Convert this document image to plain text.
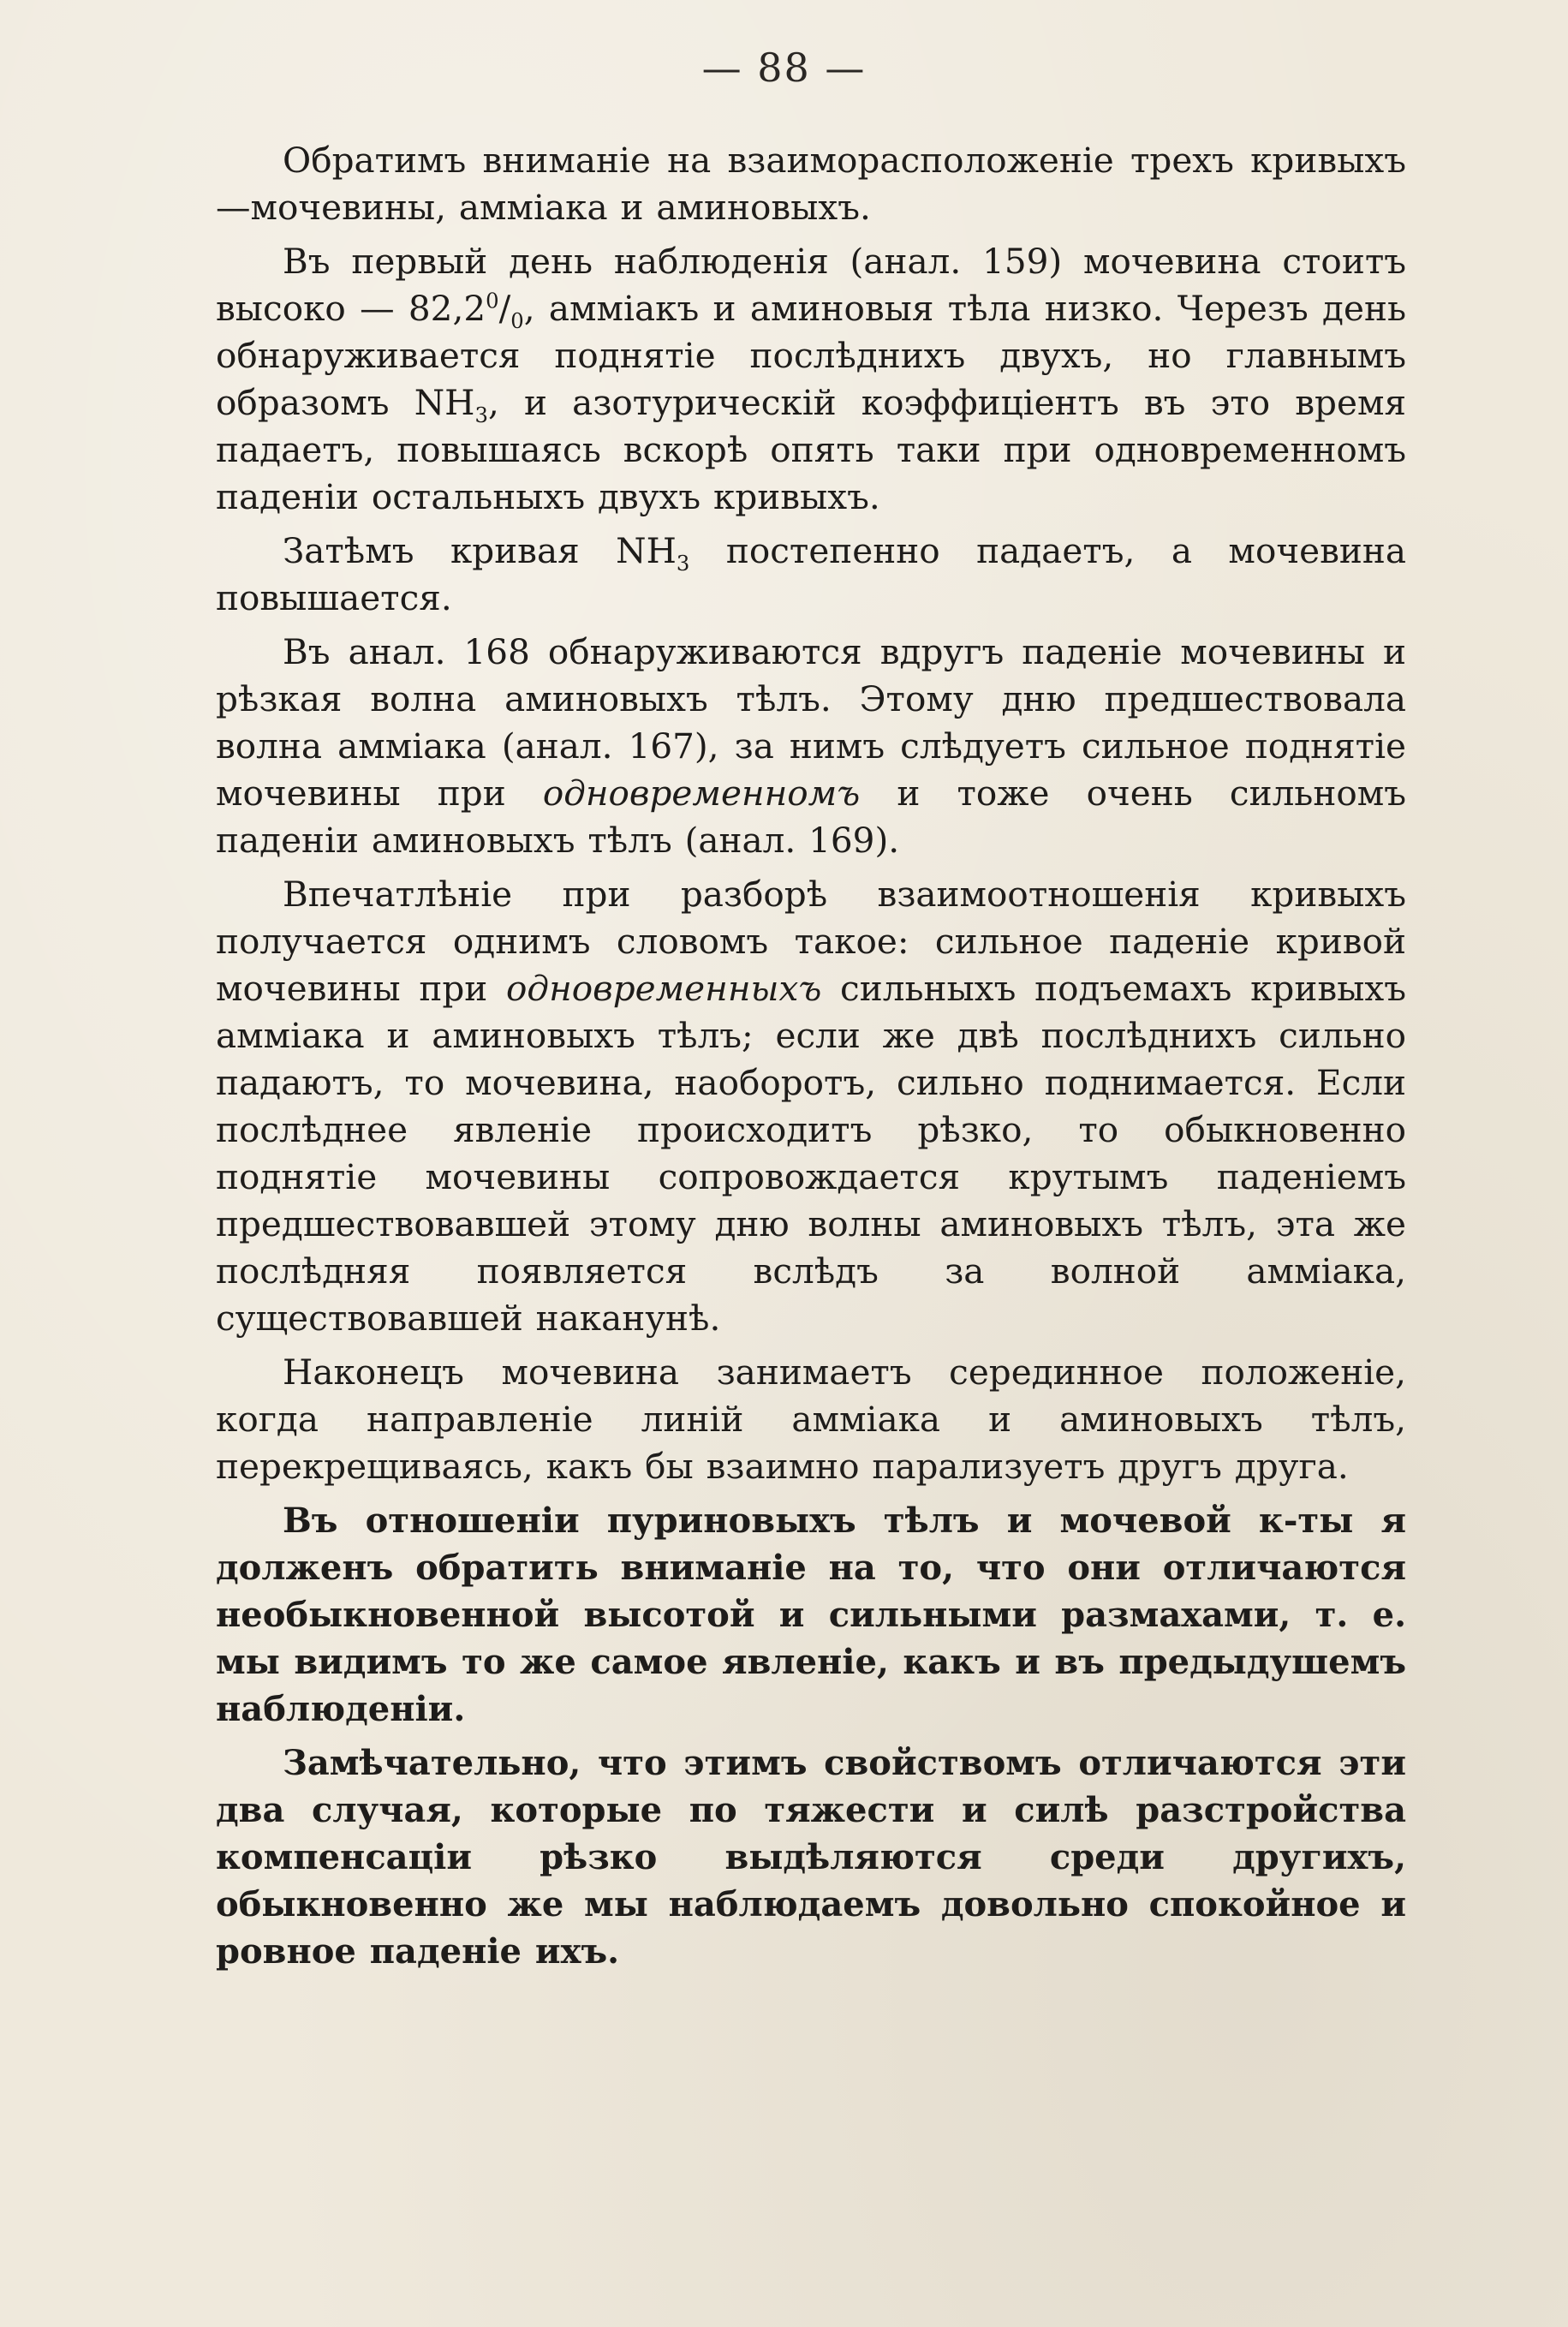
— 88 —

Обратимъ вниманіе на взаиморасположеніе трехъ кривыхъ—мочевины, аммiака и аминовыхъ.

Въ первый день наблюденія (анал. 159) мочевина стоитъ высоко — $82,2^0/_0$, аммiакъ и аминовыя тѣла низко. Черезъ день обнаруживается поднятіе послѣднихъ двухъ, но главнымъ образомъ $NH_3$, и азотурическій коэффиціентъ въ это время падаетъ, повышаясь вскорѣ опять таки при одновременномъ паденіи остальныхъ двухъ кривыхъ.

Затѣмъ кривая $NH_3$ постепенно падаетъ, а мочевина повышается.

Въ анал. 168 обнаруживаются вдругъ паденіе мочевины и рѣзкая волна аминовыхъ тѣлъ. Этому дню предшествовала волна аммiака (анал. 167), за нимъ слѣдуетъ сильное поднятіе мочевины при одновременномъ и тоже очень сильномъ паденіи аминовыхъ тѣлъ (анал. 169).

Впечатлѣніе при разборѣ взаимоотношенія кривыхъ получается однимъ словомъ такое: сильное паденіе кривой мочевины при одновременныхъ сильныхъ подъемахъ кривыхъ аммiака и аминовыхъ тѣлъ; если же двѣ послѣднихъ сильно падаютъ, то мочевина, наоборотъ, сильно поднимается. Если послѣднее явленіе происходитъ рѣзко, то обыкновенно поднятіе мочевины сопровождается крутымъ паденіемъ предшествовавшей этому дню волны аминовыхъ тѣлъ, эта же послѣдняя появляется вслѣдъ за волной аммiака, существовавшей наканунѣ.

Наконецъ мочевина занимаетъ серединное положеніе, когда направленіе линій аммiака и аминовыхъ тѣлъ, перекрещиваясь, какъ бы взаимно парализуетъ другъ друга.

Въ отношеніи пуриновыхъ тѣлъ и мочевой к-ты я долженъ обратить вниманіе на то, что они отличаются необыкновенной высотой и сильными размахами, т. е. мы видимъ то же самое явленіе, какъ и въ предыдушемъ наблюденіи.

Замѣчательно, что этимъ свойствомъ отличаются эти два случая, которые по тяжести и силѣ разстройства компенсаціи рѣзко выдѣляются среди другихъ, обыкновенно же мы наблюдаемъ довольно спокойное и ровное паденіе ихъ.
